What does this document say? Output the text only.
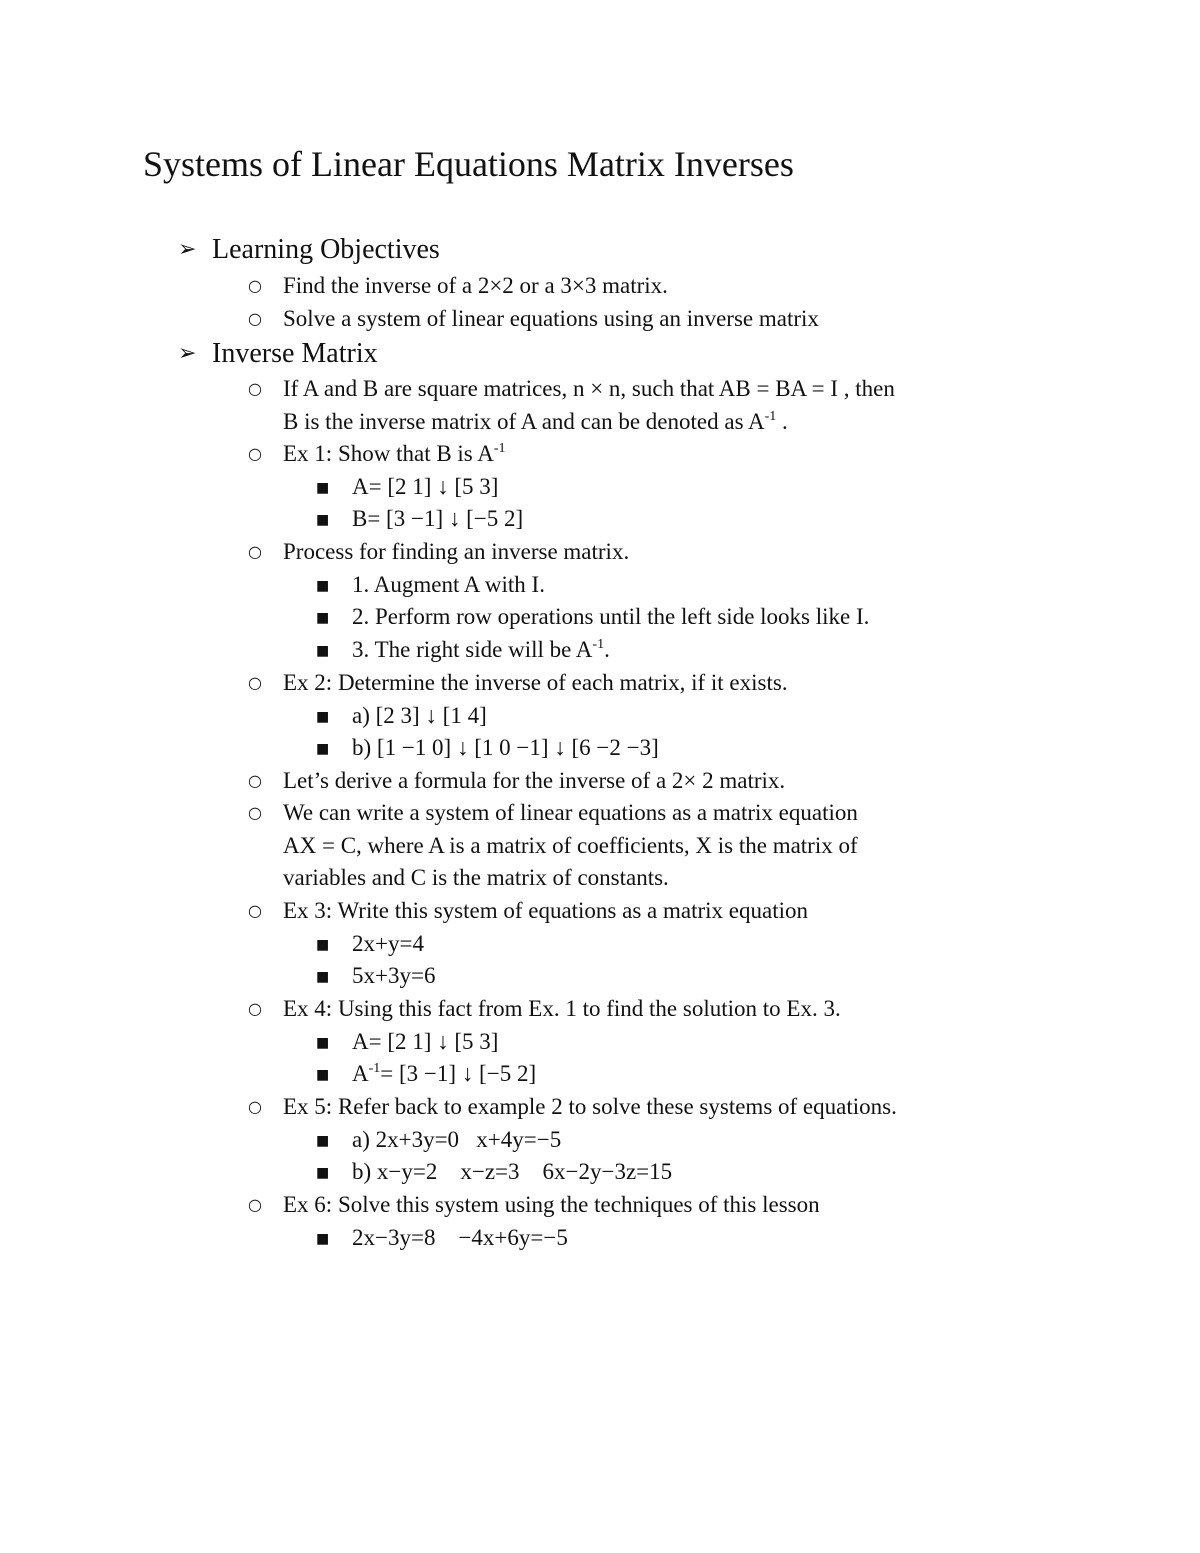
Systems of Linear Equations Matrix Inverses
➢ Learning Objectives
○ Find the inverse of a 2×2 or a 3×3 matrix.
○ Solve a system of linear equations using an inverse matrix
➢ Inverse Matrix
○ If A and B are square matrices, n × n, such that AB = BA = I , then
B is the inverse matrix of A and can be denoted as $A^{-1}$ .
○ Ex 1: Show that B is $A^{-1}$
■ A= [2 1] ↓ [5 3]
■ B= [3 −1] ↓ [−5 2]
○ Process for finding an inverse matrix.
■ 1. Augment A with I.
■ 2. Perform row operations until the left side looks like I.
■ 3. The right side will be $A^{-1}$.
○ Ex 2: Determine the inverse of each matrix, if it exists.
■ a) [2 3] ↓ [1 4]
■ b) [1 −1 0] ↓ [1 0 −1] ↓ [6 −2 −3]
○ Let’s derive a formula for the inverse of a 2× 2 matrix.
○ We can write a system of linear equations as a matrix equation
AX = C, where A is a matrix of coefficients, X is the matrix of
variables and C is the matrix of constants.
○ Ex 3: Write this system of equations as a matrix equation
■ 2x+y=4
■ 5x+3y=6
○ Ex 4: Using this fact from Ex. 1 to find the solution to Ex. 3.
■ A= [2 1] ↓ [5 3]
■ $A^{-1}= [3 -1]$ ↓ [−5 2]
○ Ex 5: Refer back to example 2 to solve these systems of equations.
■ a) 2x+3y=0   x+4y=−5
■ b) x−y=2    x−z=3    6x−2y−3z=15
○ Ex 6: Solve this system using the techniques of this lesson
■ 2x−3y=8    −4x+6y=−5
